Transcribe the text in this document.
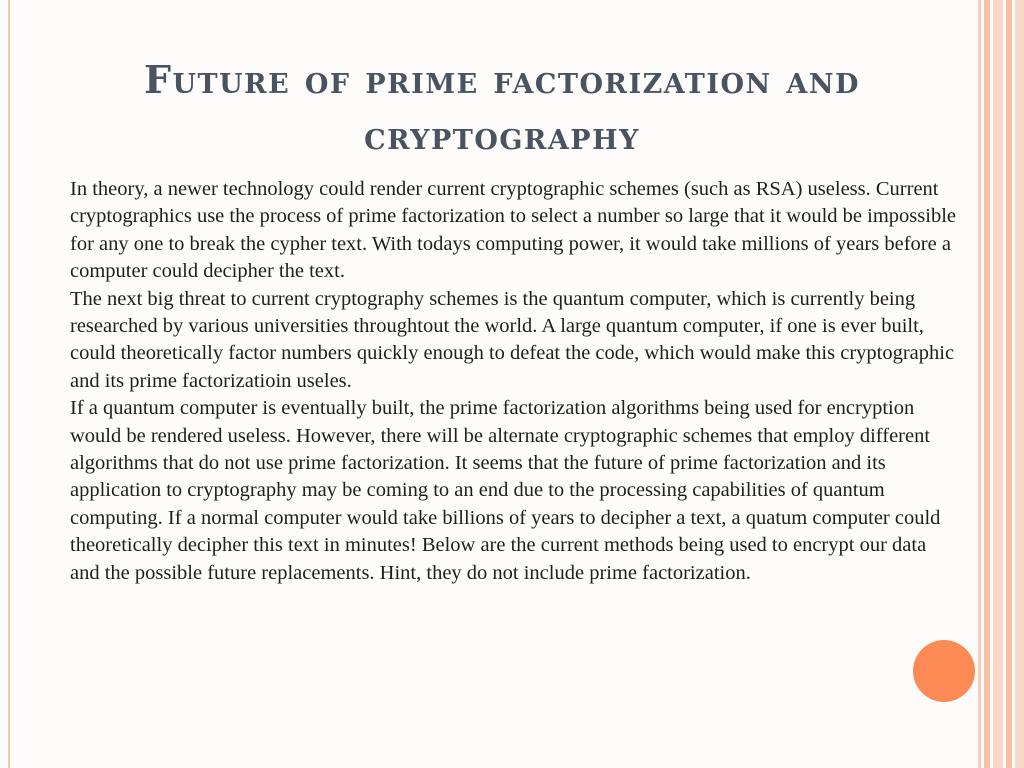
Future of prime factorization and cryptography

In theory, a newer technology could render current cryptographic schemes (such as RSA) useless. Current cryptographics use the process of prime factorization to select a number so large that it would be impossible for any one to break the cypher text. With todays computing power, it would take millions of years before a computer could decipher the text.

The next big threat to current cryptography schemes is the quantum computer, which is currently being researched by various universities throughtout the world. A large quantum computer, if one is ever built, could theoretically factor numbers quickly enough to defeat the code, which would make this cryptographic and its prime factorizatioin useles.

If a quantum computer is eventually built, the prime factorization algorithms being used for encryption would be rendered useless. However, there will be alternate cryptographic schemes that employ different algorithms that do not use prime factorization. It seems that the future of prime factorization and its application to cryptography may be coming to an end due to the processing capabilities of quantum computing. If a normal computer would take billions of years to decipher a text, a quatum computer could theoretically decipher this text in minutes! Below are the current methods being used to encrypt our data and the possible future replacements. Hint, they do not include prime factorization.
